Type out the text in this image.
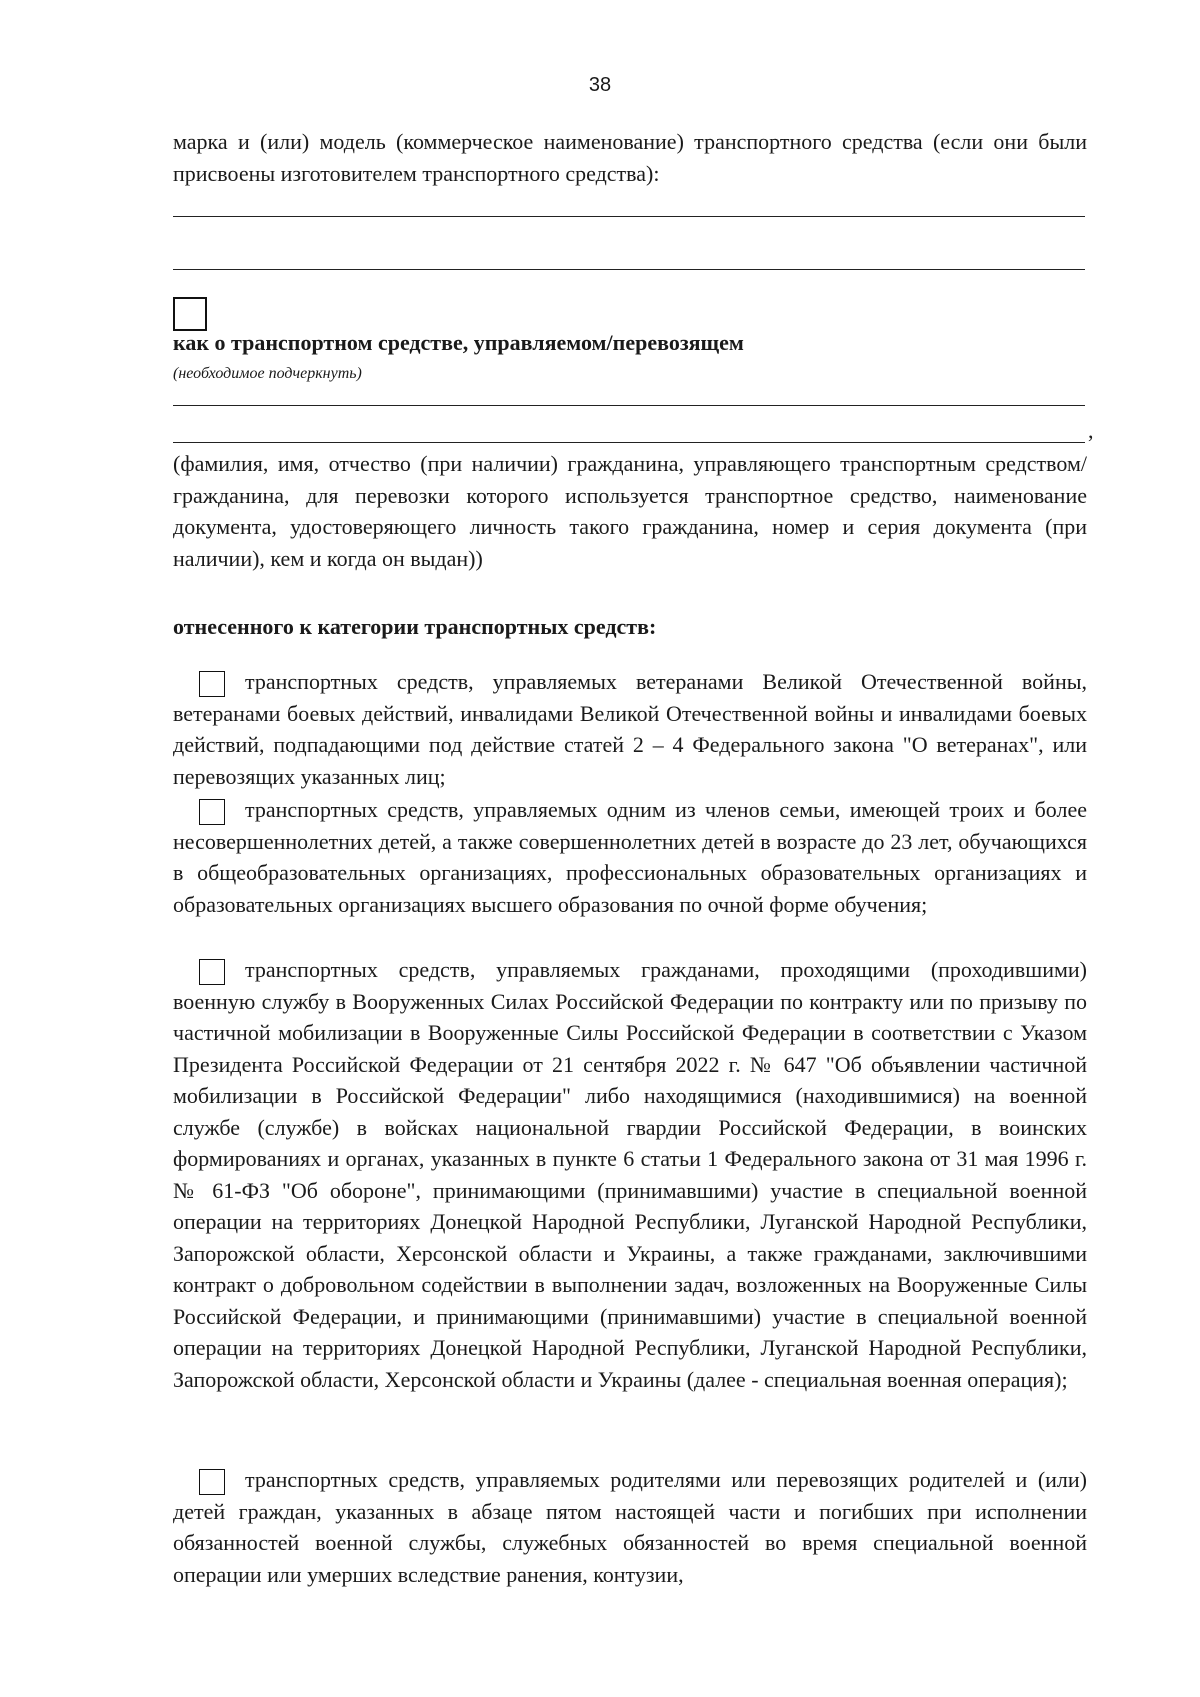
38

марка и (или) модель (коммерческое наименование) транспортного средства (если они были присвоены изготовителем транспортного средства):

как о транспортном средстве, управляемом/перевозящем
(необходимое подчеркнуть)
,

(фамилия, имя, отчество (при наличии) гражданина, управляющего транспортным средством/гражданина, для перевозки которого используется транспортное средство, наименование документа, удостоверяющего личность такого гражданина, номер и серия документа (при наличии), кем и когда он выдан))

отнесенного к категории транспортных средств:

транспортных средств, управляемых ветеранами Великой Отечественной войны, ветеранами боевых действий, инвалидами Великой Отечественной войны и инвалидами боевых действий, подпадающими под действие статей 2 – 4 Федерального закона "О ветеранах", или перевозящих указанных лиц;

транспортных средств, управляемых одним из членов семьи, имеющей троих и более несовершеннолетних детей, а также совершеннолетних детей в возрасте до 23 лет, обучающихся в общеобразовательных организациях, профессиональных образовательных организациях и образовательных организациях высшего образования по очной форме обучения;

транспортных средств, управляемых гражданами, проходящими (проходившими) военную службу в Вооруженных Силах Российской Федерации по контракту или по призыву по частичной мобилизации в Вооруженные Силы Российской Федерации в соответствии с Указом Президента Российской Федерации от 21 сентября 2022 г. № 647 "Об объявлении частичной мобилизации в Российской Федерации" либо находящимися (находившимися) на военной службе (службе) в войсках национальной гвардии Российской Федерации, в воинских формированиях и органах, указанных в пункте 6 статьи 1 Федерального закона от 31 мая 1996 г. № 61-ФЗ "Об обороне", принимающими (принимавшими) участие в специальной военной операции на территориях Донецкой Народной Республики, Луганской Народной Республики, Запорожской области, Херсонской области и Украины, а также гражданами, заключившими контракт о добровольном содействии в выполнении задач, возложенных на Вооруженные Силы Российской Федерации, и принимающими (принимавшими) участие в специальной военной операции на территориях Донецкой Народной Республики, Луганской Народной Республики, Запорожской области, Херсонской области и Украины (далее - специальная военная операция);

транспортных средств, управляемых родителями или перевозящих родителей и (или) детей граждан, указанных в абзаце пятом настоящей части и погибших при исполнении обязанностей военной службы, служебных обязанностей во время специальной военной операции или умерших вследствие ранения, контузии,
